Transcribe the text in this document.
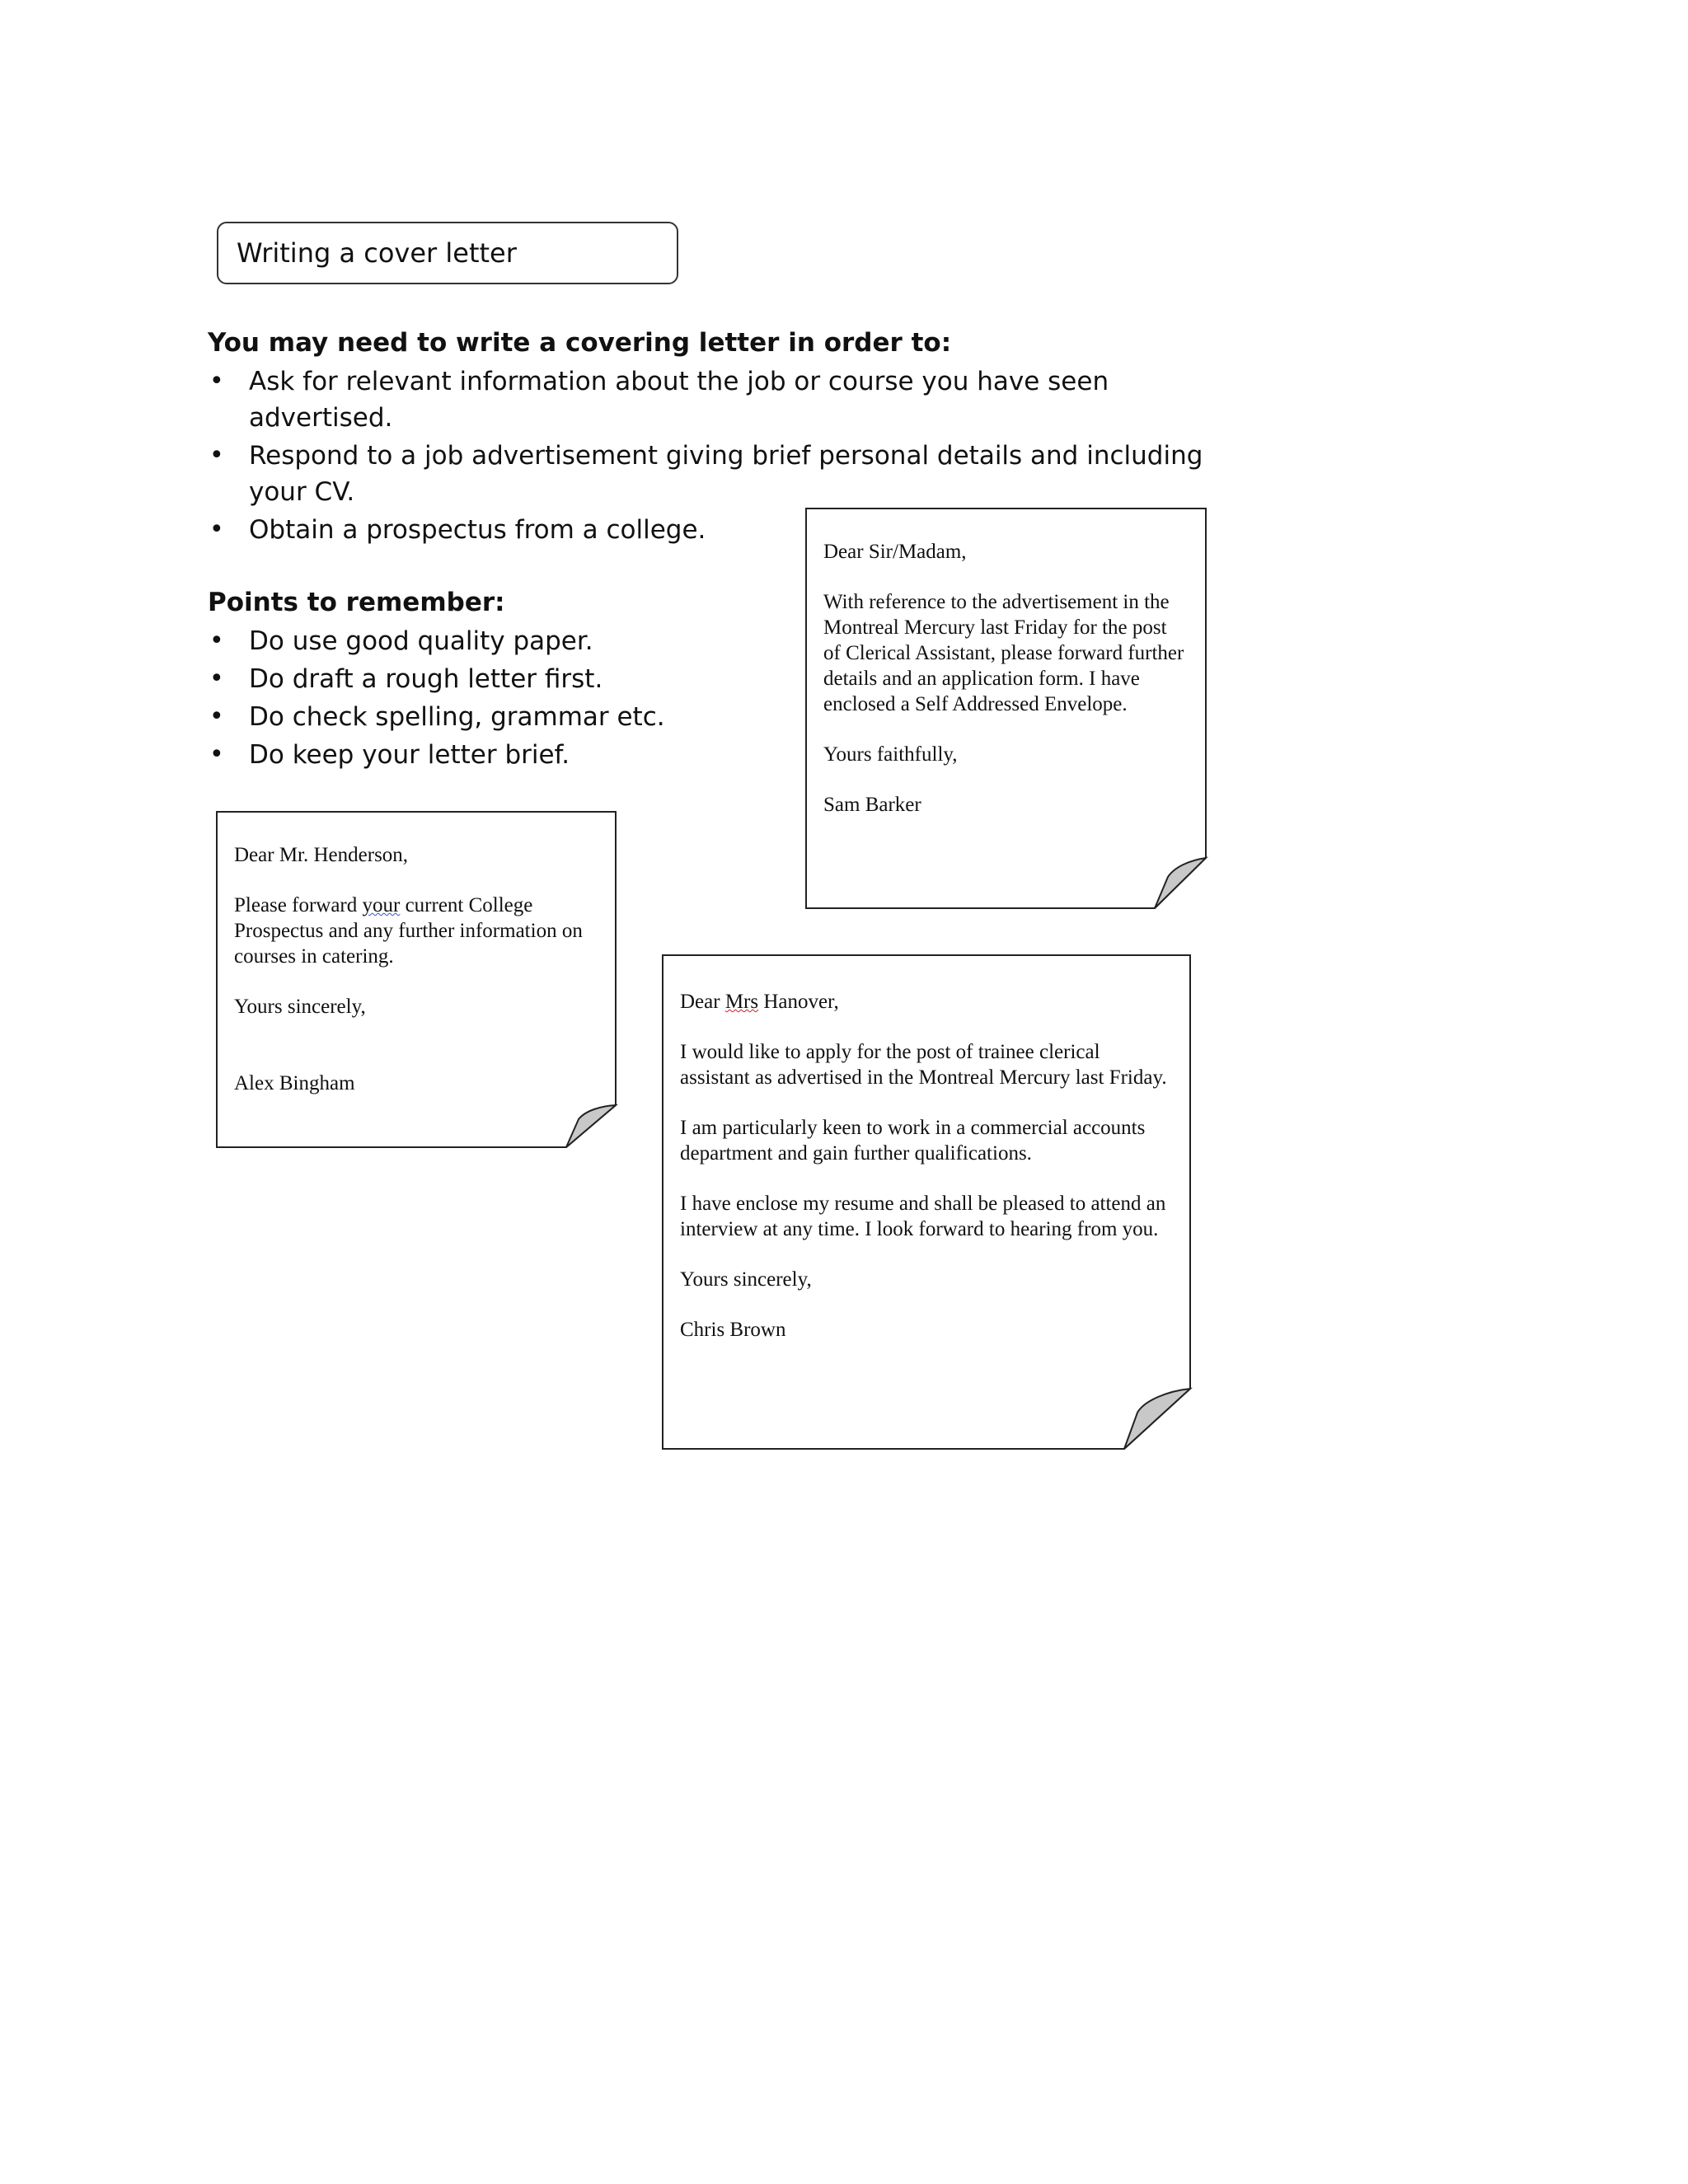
Writing a cover letter
You may need to write a covering letter in order to:
• Ask for relevant information about the job or course you have seen advertised.
• Respond to a job advertisement giving brief personal details and including your CV.
• Obtain a prospectus from a college.
Points to remember:
• Do use good quality paper.
• Do draft a rough letter first.
• Do check spelling, grammar etc.
• Do keep your letter brief.

Dear Sir/Madam,

With reference to the advertisement in the Montreal Mercury last Friday for the post of Clerical Assistant, please forward further details and an application form. I have enclosed a Self Addressed Envelope.

Yours faithfully,

Sam Barker

Dear Mr. Henderson,

Please forward your current College Prospectus and any further information on courses in catering.

Yours sincerely,

Alex Bingham

Dear Mrs Hanover,

I would like to apply for the post of trainee clerical assistant as advertised in the Montreal Mercury last Friday.

I am particularly keen to work in a commercial accounts department and gain further qualifications.

I have enclose my resume and shall be pleased to attend an interview at any time. I look forward to hearing from you.

Yours sincerely,

Chris Brown
